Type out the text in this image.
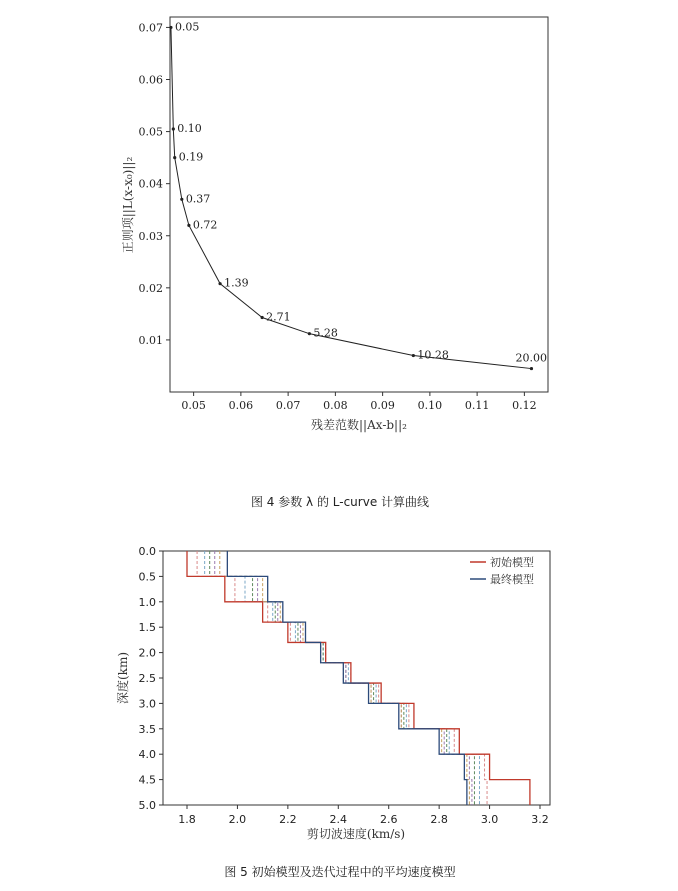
0.05 0.06 0.07 0.08 0.09 0.10 0.11 0.12
0.01
0.02
0.03
0.04
0.05
0.06
0.07 0.05
0.10
0.19
0.37
0.72
1.39
2.71
5.28
10.28	20.00
残差范数||Ax-b||₂
正则项||L(x-x₀)||₂
图 4 参数 λ 的 L-curve 计算曲线
1.8	2.0	2.2	2.4	2.6	2.8	3.0	3.2
0.0
0.5
1.0
1.5
2.0
2.5
3.0
3.5
4.0
4.5
5.0
初始模型
最终模型
剪切波速度(km/s)
深度(km)
图 5 初始模型及迭代过程中的平均速度模型
